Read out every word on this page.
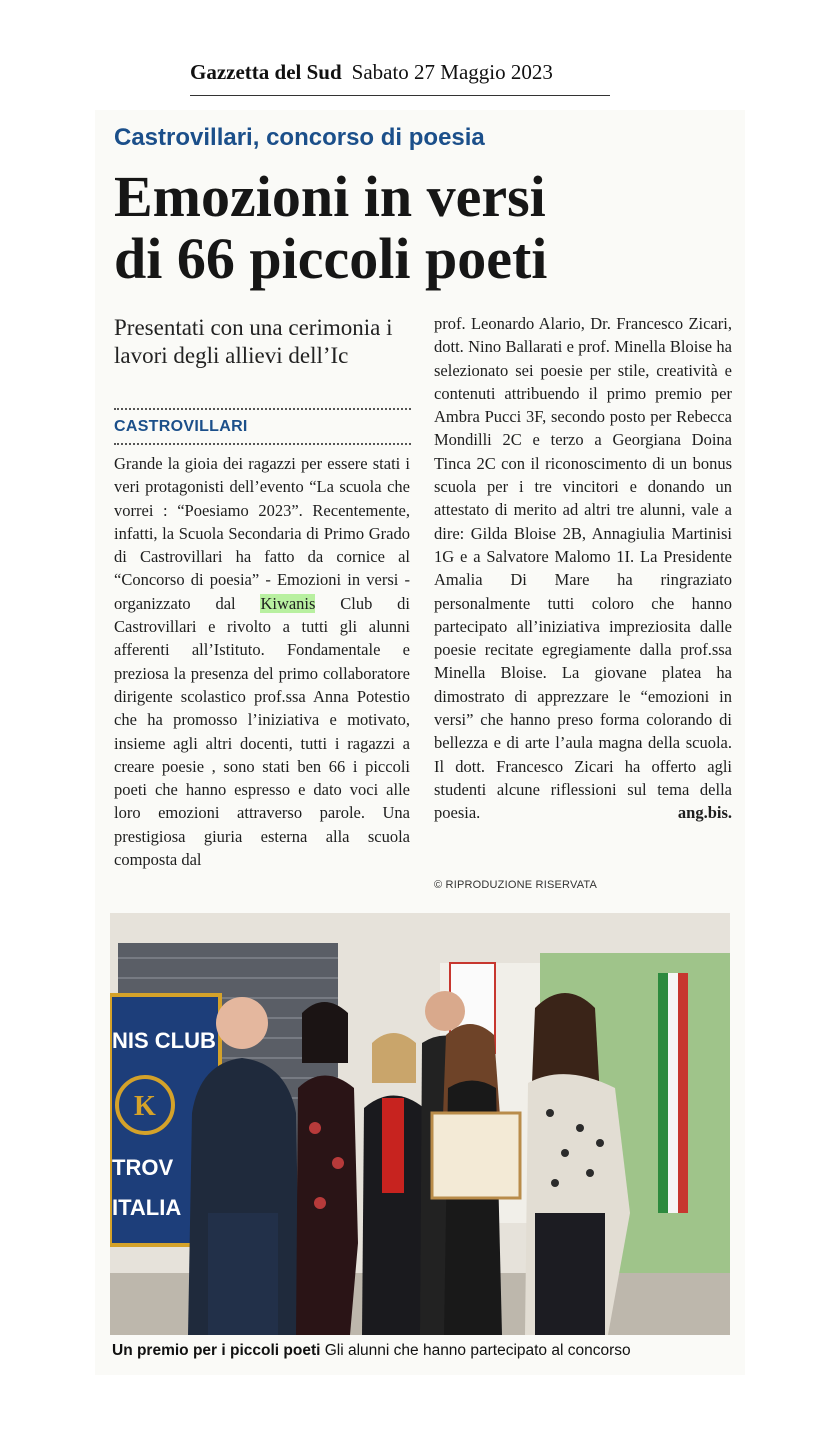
Gazzetta del Sud Sabato 27 Maggio 2023
Castrovillari, concorso di poesia
Emozioni in versi
di 66 piccoli poeti
Presentati con una cerimonia i lavori degli allievi dell’Ic
CASTROVILLARI
Grande la gioia dei ragazzi per essere stati i veri protagonisti dell’evento “La scuola che vorrei : “Poesiamo 2023”. Recentemente, infatti, la Scuola Secondaria di Primo Grado di Castrovillari ha fatto da cornice al “Concorso di poesia” - Emozioni in versi - organizzato dal Kiwanis Club di Castrovillari e rivolto a tutti gli alunni afferenti all’Istituto. Fondamentale e preziosa la presenza del primo collaboratore dirigente scolastico prof.ssa Anna Potestio che ha promosso l’iniziativa e motivato, insieme agli altri docenti, tutti i ragazzi a creare poesie , sono stati ben 66 i piccoli poeti che hanno espresso e dato voci alle loro emozioni attraverso parole. Una prestigiosa giuria esterna alla scuola composta dal
prof. Leonardo Alario, Dr. Francesco Zicari, dott. Nino Ballarati e prof. Minella Bloise ha selezionato sei poesie per stile, creatività e contenuti attribuendo il primo premio per Ambra Pucci 3F, secondo posto per Rebecca Mondilli 2C e terzo a Georgiana Doina Tinca 2C con il riconoscimento di un bonus scuola per i tre vincitori e donando un attestato di merito ad altri tre alunni, vale a dire: Gilda Bloise 2B, Annagiulia Martinisi 1G e a Salvatore Malomo 1I. La Presidente Amalia Di Mare ha ringraziato personalmente tutti coloro che hanno partecipato all’iniziativa impreziosita dalle poesie recitate egregiamente dalla prof.ssa Minella Bloise. La giovane platea ha dimostrato di apprezzare le “emozioni in versi” che hanno preso forma colorando di bellezza e di arte l’aula magna della scuola. Il dott. Francesco Zicari ha offerto agli studenti alcune riflessioni sul tema della poesia.	ang.bis.
© RIPRODUZIONE RISERVATA
NIS CLUB
K
TROV
ITALIA
Un premio per i piccoli poeti Gli alunni che hanno partecipato al concorso
